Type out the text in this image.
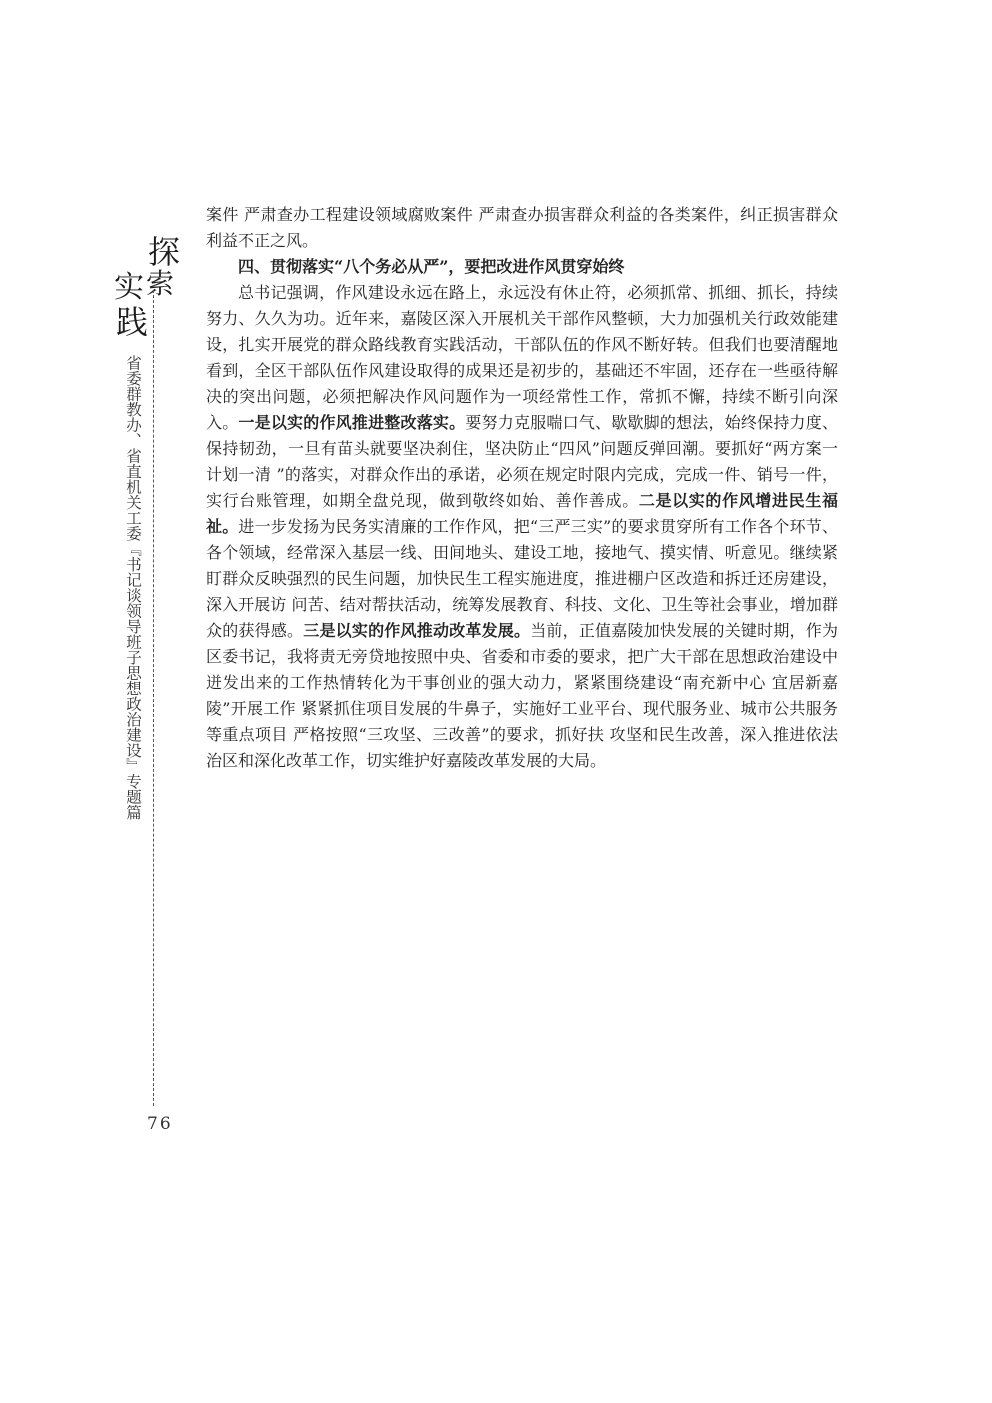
探
索
实
践
省委群教办、省直机关工委『书记谈领导班子思想政治建设』专题篇
76

案件 严肃查办工程建设领域腐败案件 严肃查办损害群众利益的各类案件，纠正损害群众利益不正之风。

四、贯彻落实“八个务必从严”，要把改进作风贯穿始终

总书记强调，作风建设永远在路上，永远没有休止符，必须抓常、抓细、抓长，持续努力、久久为功。近年来，嘉陵区深入开展机关干部作风整顿，大力加强机关行政效能建设，扎实开展党的群众路线教育实践活动，干部队伍的作风不断好转。但我们也要清醒地看到，全区干部队伍作风建设取得的成果还是初步的，基础还不牢固，还存在一些亟待解决的突出问题，必须把解决作风问题作为一项经常性工作，常抓不懈，持续不断引向深入。一是以实的作风推进整改落实。要努力克服喘口气、歇歇脚的想法，始终保持力度、保持韧劲，一旦有苗头就要坚决刹住，坚决防止“四风”问题反弹回潮。要抓好“两方案一计划一清 ”的落实，对群众作出的承诺，必须在规定时限内完成，完成一件、销号一件，实行台账管理，如期全盘兑现，做到敬终如始、善作善成。二是以实的作风增进民生福祉。进一步发扬为民务实清廉的工作作风，把“三严三实”的要求贯穿所有工作各个环节、各个领域，经常深入基层一线、田间地头、建设工地，接地气、摸实情、听意见。继续紧盯群众反映强烈的民生问题，加快民生工程实施进度，推进棚户区改造和拆迁还房建设，深入开展访 问苦、结对帮扶活动，统筹发展教育、科技、文化、卫生等社会事业，增加群众的获得感。三是以实的作风推动改革发展。当前，正值嘉陵加快发展的关键时期，作为区委书记，我将责无旁贷地按照中央、省委和市委的要求，把广大干部在思想政治建设中迸发出来的工作热情转化为干事创业的强大动力，紧紧围绕建设“南充新中心 宜居新嘉陵”开展工作 紧紧抓住项目发展的牛鼻子，实施好工业平台、现代服务业、城市公共服务等重点项目 严格按照“三攻坚、三改善”的要求，抓好扶 攻坚和民生改善，深入推进依法治区和深化改革工作，切实维护好嘉陵改革发展的大局。
